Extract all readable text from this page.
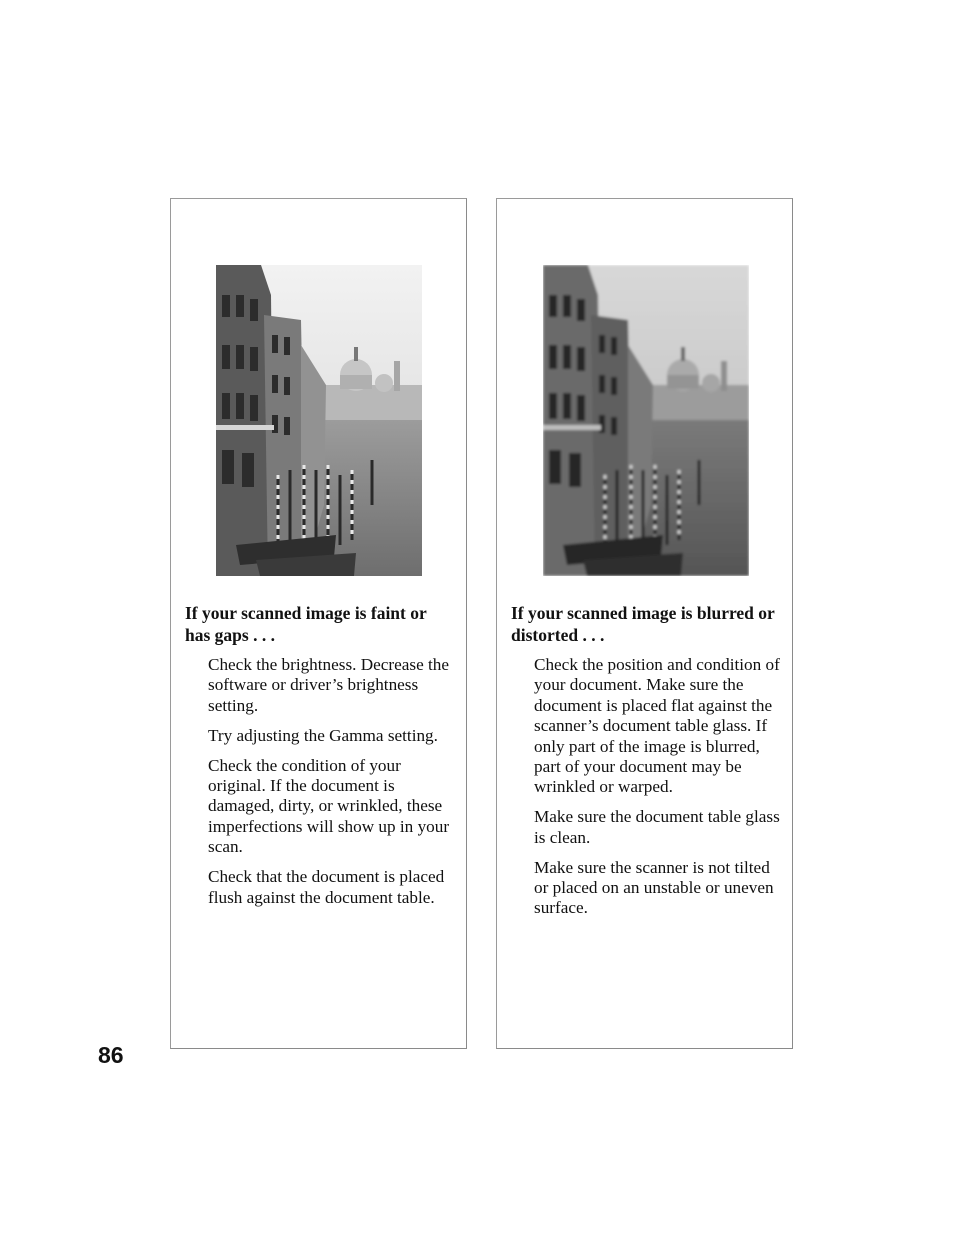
If your scanned image is faint or has gaps . . .

Check the brightness. Decrease the software or driver’s brightness setting.
Try adjusting the Gamma setting.
Check the condition of your original. If the document is damaged, dirty, or wrinkled, these imperfections will show up in your scan.
Check that the document is placed flush against the document table.

If your scanned image is blurred or distorted . . .

Check the position and condition of your document. Make sure the document is placed flat against the scanner’s document table glass. If only part of the image is blurred, part of your document may be wrinkled or warped.
Make sure the document table glass is clean.
Make sure the scanner is not tilted or placed on an unstable or uneven surface.
86
